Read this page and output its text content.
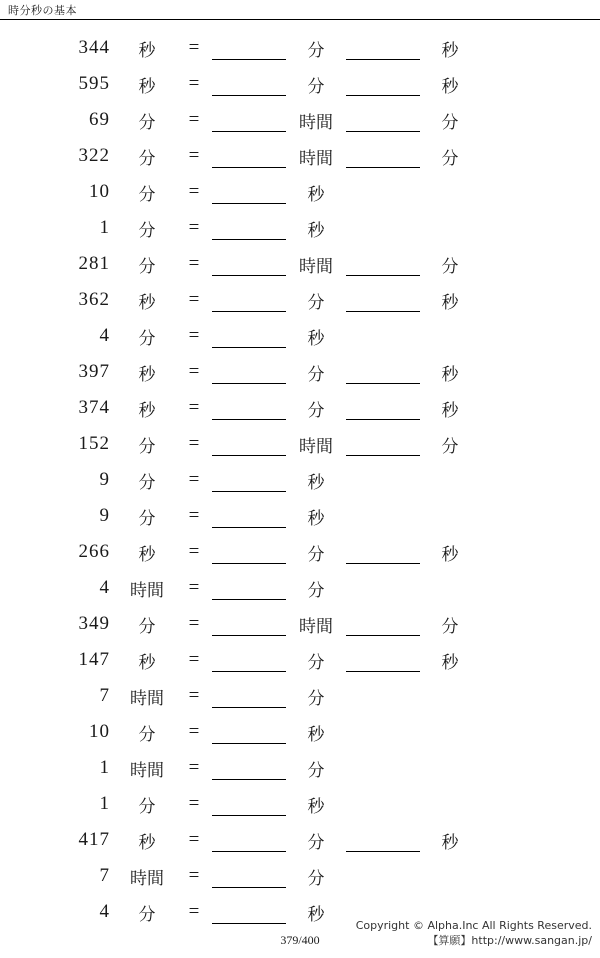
時分秒の基本
344	秒	=	分	秒
595	秒	=	分	秒
69	分	=	時間	分
322	分	=	時間	分
10	分	=	秒
1	分	=	秒
281	分	=	時間	分
362	秒	=	分	秒
4	分	=	秒
397	秒	=	分	秒
374	秒	=	分	秒
152	分	=	時間	分
9	分	=	秒
9	分	=	秒
266	秒	=	分	秒
4	時間	=	分
349	分	=	時間	分
147	秒	=	分	秒
7	時間	=	分
10	分	=	秒
1	時間	=	分
1	分	=	秒
417	秒	=	分	秒
7	時間	=	分
4	分	=	秒
Copyright © Alpha.Inc All Rights Reserved.
【算願】http://www.sangan.jp/
379/400
